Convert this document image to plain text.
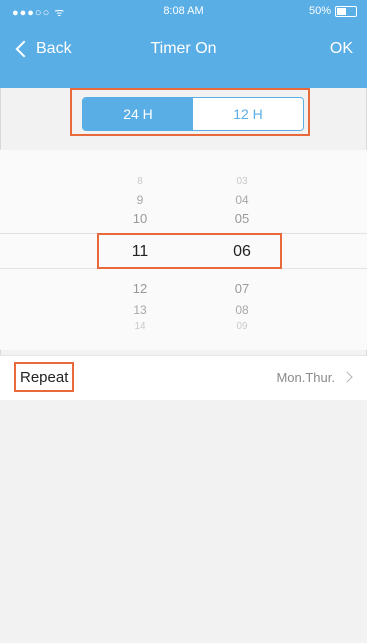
●●●○○ ᯤ	8:08 AM	50%
Back	Timer On	OK
24 H	12 H
8	03
9	04
10	05
11	06
12	07
13	08
14	09
Repeat	Mon.Thur.
